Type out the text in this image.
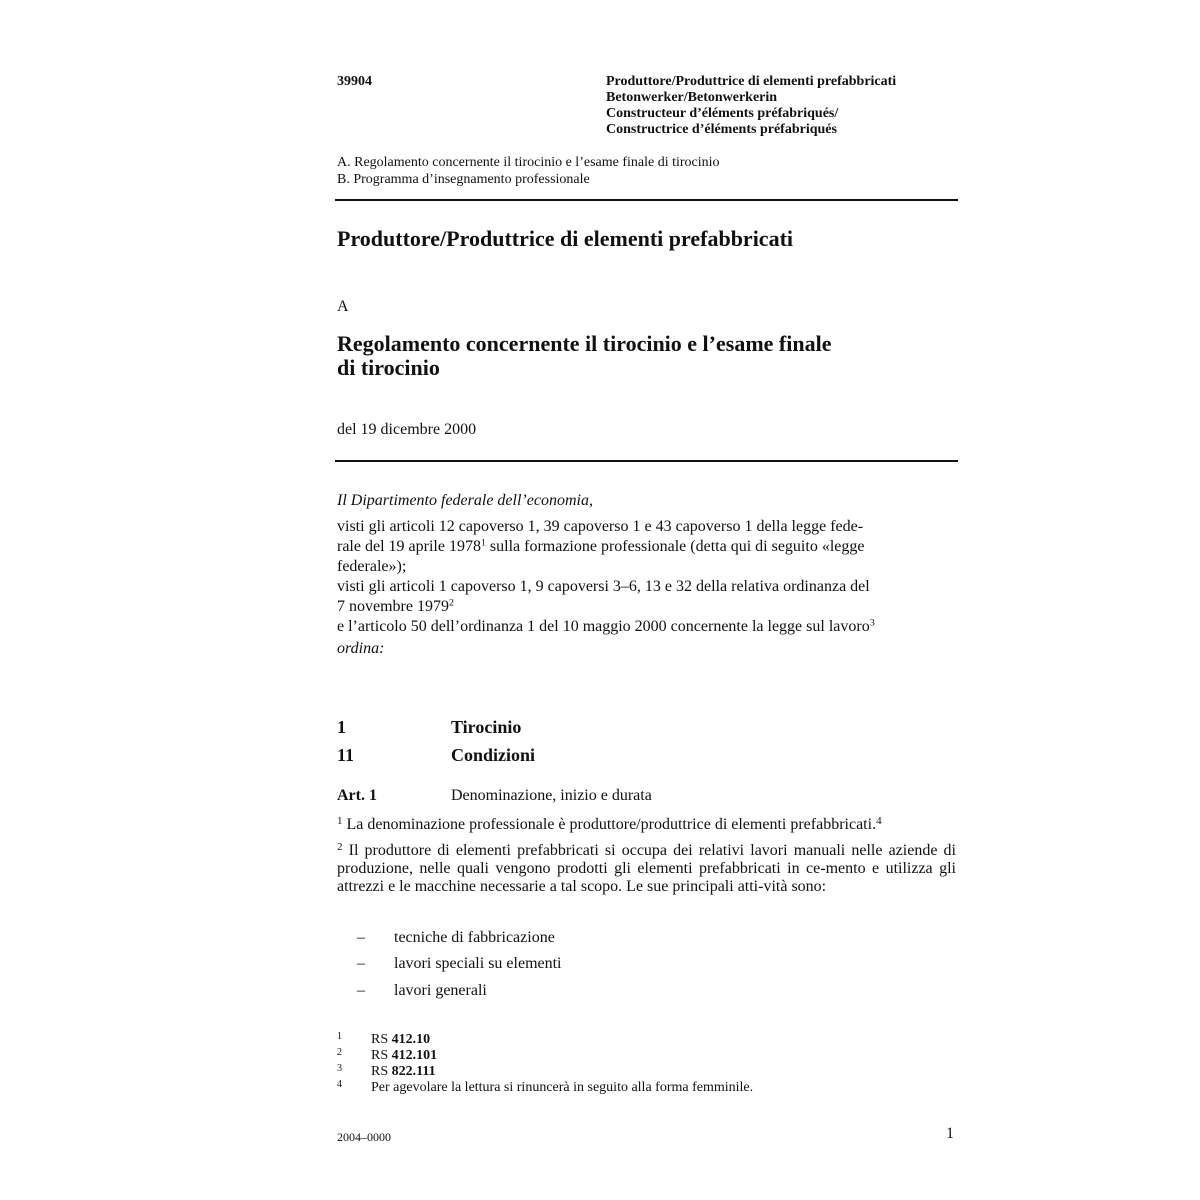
39904	Produttore/Produttrice di elementi prefabbricati
Betonwerker/Betonwerkerin
Constructeur d’éléments préfabriqués/
Constructrice d’éléments préfabriqués
A. Regolamento concernente il tirocinio e l’esame finale di tirocinio
B. Programma d’insegnamento professionale
Produttore/Produttrice di elementi prefabbricati
A
Regolamento concernente il tirocinio e l’esame finale
di tirocinio
del 19 dicembre 2000

Il Dipartimento federale dell’economia,

visti gli articoli 12 capoverso 1, 39 capoverso 1 e 43 capoverso 1 della legge fede-

rale del 19 aprile 1978$^1$ sulla formazione professionale (detta qui di seguito «legge

federale»);

visti gli articoli 1 capoverso 1, 9 capoversi 3–6, 13 e 32 della relativa ordinanza del

7 novembre 1979$^2$

e l’articolo 50 dell’ordinanza 1 del 10 maggio 2000 concernente la legge sul lavoro$^3$

ordina:

1	Tirocinio
11	Condizioni
Art. 1	Denominazione, inizio e durata

$^1$ La denominazione professionale è produttore/produttrice di elementi prefabbricati.$^4$

$^2$ Il produttore di elementi prefabbricati si occupa dei relativi lavori manuali nelle aziende di produzione, nelle quali vengono prodotti gli elementi prefabbricati in ce-mento e utilizza gli attrezzi e le macchine necessarie a tal scopo. Le sue principali atti-vità sono:

– tecniche di fabbricazione
– lavori speciali su elementi
– lavori generali
1 RS 412.10
2 RS 412.101
3 RS 822.111
4 Per agevolare la lettura si rinuncerà in seguito alla forma femminile.
2004–0000	1
